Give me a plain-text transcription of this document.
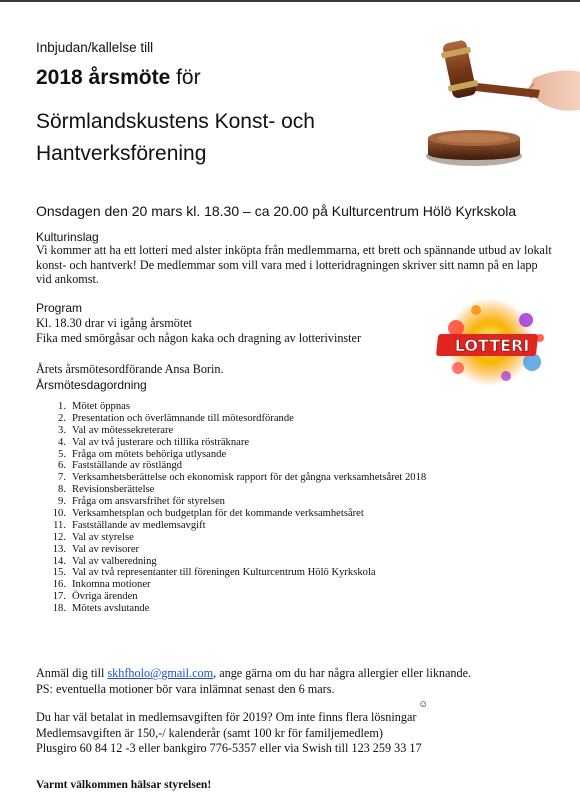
Inbjudan/kallelse till
2018 årsmöte för
Sörmlandskustens Konst- och
Hantverksförening
Onsdagen den 20 mars kl. 18.30 – ca 20.00 på Kulturcentrum Hölö Kyrkskola
Kulturinslag
Vi kommer att ha ett lotteri med alster inköpta från medlemmarna, ett brett och spännande utbud av lokalt konst- och hantverk! De medlemmar som vill vara med i lotteridragningen skriver sitt namn på en lapp vid ankomst.
Program
Kl. 18.30 drar vi igång årsmötet
Fika med smörgåsar och någon kaka och dragning av lotterivinster	LOTTERI
Årets årsmötesordförande Ansa Borin.
Årsmötesdagordning
1. Mötet öppnas
2. Presentation och överlämnande till mötesordförande
3. Val av mötessekreterare
4. Val av två justerare och tillika rösträknare
5. Fråga om mötets behöriga utlysande
6. Fastställande av röstlängd
7. Verksamhetsberättelse och ekonomisk rapport för det gångna verksamhetsåret 2018
8. Revisionsberättelse
9. Fråga om ansvarsfrihet för styrelsen
10. Verksamhetsplan och budgetplan för det kommande verksamhetsåret
11. Fastställande av medlemsavgift
12. Val av styrelse
13. Val av revisorer
14. Val av valberedning
15. Val av två representanter till föreningen Kulturcentrum Hölö Kyrkskola
16. Inkomna motioner
17. Övriga ärenden
18. Mötets avslutande
Anmäl dig till skhfholo@gmail.com, ange gärna om du har några allergier eller liknande.
PS: eventuella motioner bör vara inlämnat senast den 6 mars.
Du har väl betalat in medlemsavgiften för 2019? Om inte finns flera lösningar
☺
Medlemsavgiften är 150,-/ kalenderår (samt 100 kr för familjemedlem)
Plusgiro 60 84 12 -3 eller bankgiro 776-5357 eller via Swish till 123 259 33 17
Varmt välkommen hälsar styrelsen!
